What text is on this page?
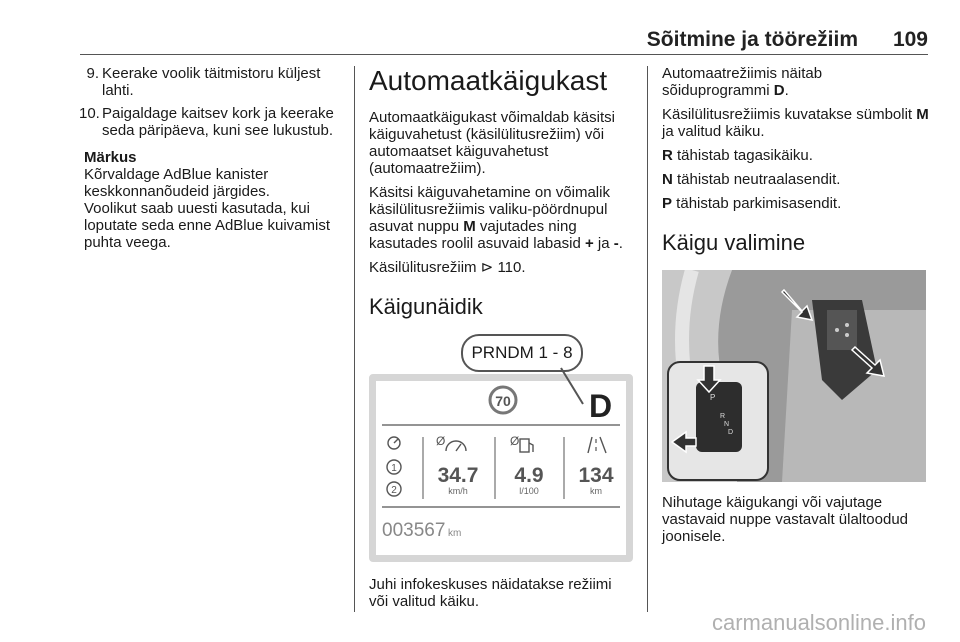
Sõitmine ja töörežiim 109
9. Keerake voolik täitmistoru küljest lahti.
10. Paigaldage kaitsev kork ja keerake seda päripäeva, kuni see lukustub.

Märkus

Kõrvaldage AdBlue kanister keskkonnanõudeid järgides.

Voolikut saab uuesti kasutada, kui loputate seda enne AdBlue kuivamist puhta veega.

Automaatkäigukast

Automaatkäigukast võimaldab käsitsi käiguvahetust (käsilülitusrežiim) või automaatset käiguvahetust (automaatrežiim).

Käsitsi käiguvahetamine on võimalik käsilülitusrežiimis valiku-pöördnupul asuvat nuppu M vajutades ning kasutades roolil asuvaid labasid + ja -.

Käsilülitusrežiim ⊳ 110.

Käigunäidik
PRNDM 1 - 8
70 D
1
2
Ø	Ø
34.7
km/h
4.9
l/100
134
km
003567 km

Juhi infokeskuses näidatakse režiimi või valitud käiku.

Automaatrežiimis näitab sõiduprogrammi D.

Käsilülitusrežiimis kuvatakse sümbolit M ja valitud käiku.

R tähistab tagasikäiku.

N tähistab neutraalasendit.

P tähistab parkimisasendit.

Käigu valimine
P
R
N
D

Nihutage käigukangi või vajutage vastavaid nuppe vastavalt ülaltoodud joonisele.

carmanualsonline.info
